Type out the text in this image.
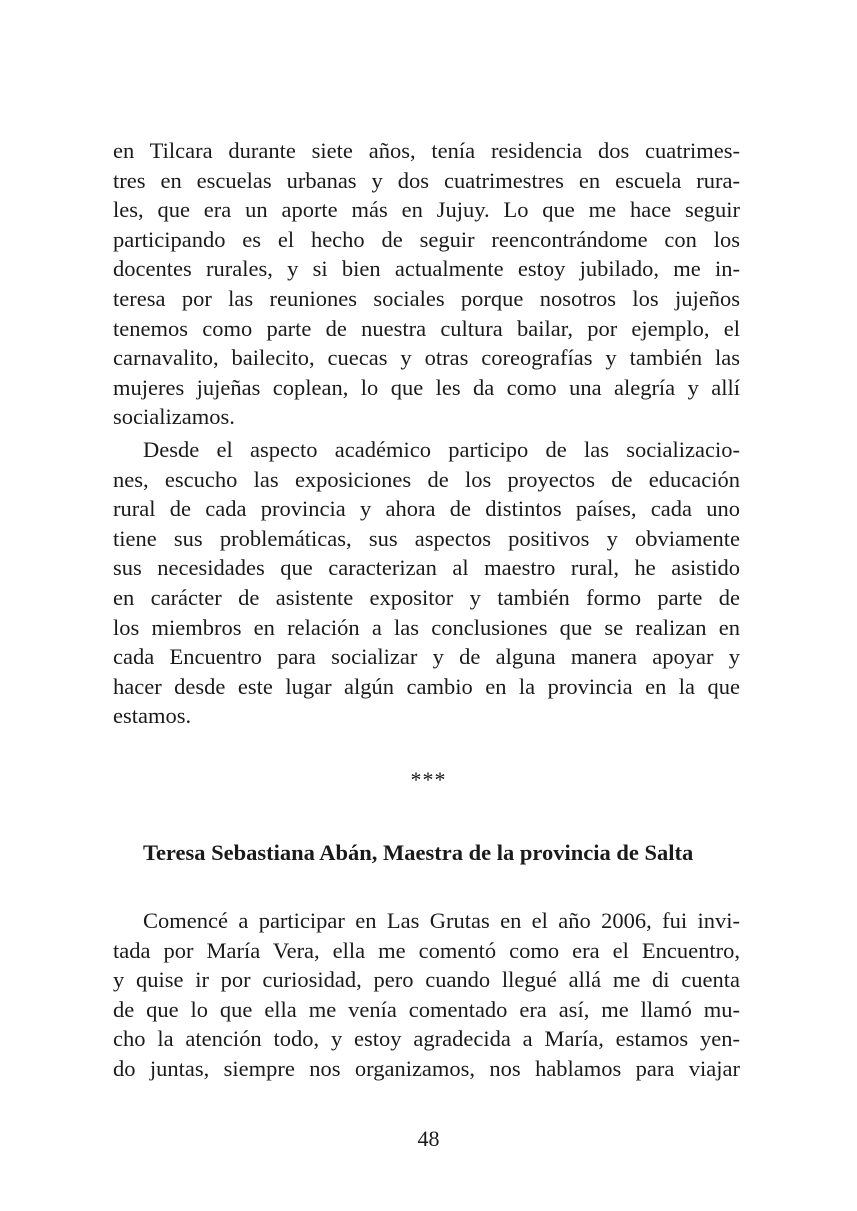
en Tilcara durante siete años, tenía residencia dos cuatrimes-
tres en escuelas urbanas y dos cuatrimestres en escuela rura-
les, que era un aporte más en Jujuy. Lo que me hace seguir
participando es el hecho de seguir reencontrándome con los
docentes rurales, y si bien actualmente estoy jubilado, me in-
teresa por las reuniones sociales porque nosotros los jujeños
tenemos como parte de nuestra cultura bailar, por ejemplo, el
carnavalito, bailecito, cuecas y otras coreografías y también las
mujeres jujeñas coplean, lo que les da como una alegría y allí
socializamos.
Desde el aspecto académico participo de las socializacio-
nes, escucho las exposiciones de los proyectos de educación
rural de cada provincia y ahora de distintos países, cada uno
tiene sus problemáticas, sus aspectos positivos y obviamente
sus necesidades que caracterizan al maestro rural, he asistido
en carácter de asistente expositor y también formo parte de
los miembros en relación a las conclusiones que se realizan en
cada Encuentro para socializar y de alguna manera apoyar y
hacer desde este lugar algún cambio en la provincia en la que
estamos.
***
Teresa Sebastiana Abán, Maestra de la provincia de Salta
Comencé a participar en Las Grutas en el año 2006, fui invi-
tada por María Vera, ella me comentó como era el Encuentro,
y quise ir por curiosidad, pero cuando llegué allá me di cuenta
de que lo que ella me venía comentado era así, me llamó mu-
cho la atención todo, y estoy agradecida a María, estamos yen-
do juntas, siempre nos organizamos, nos hablamos para viajar
48
